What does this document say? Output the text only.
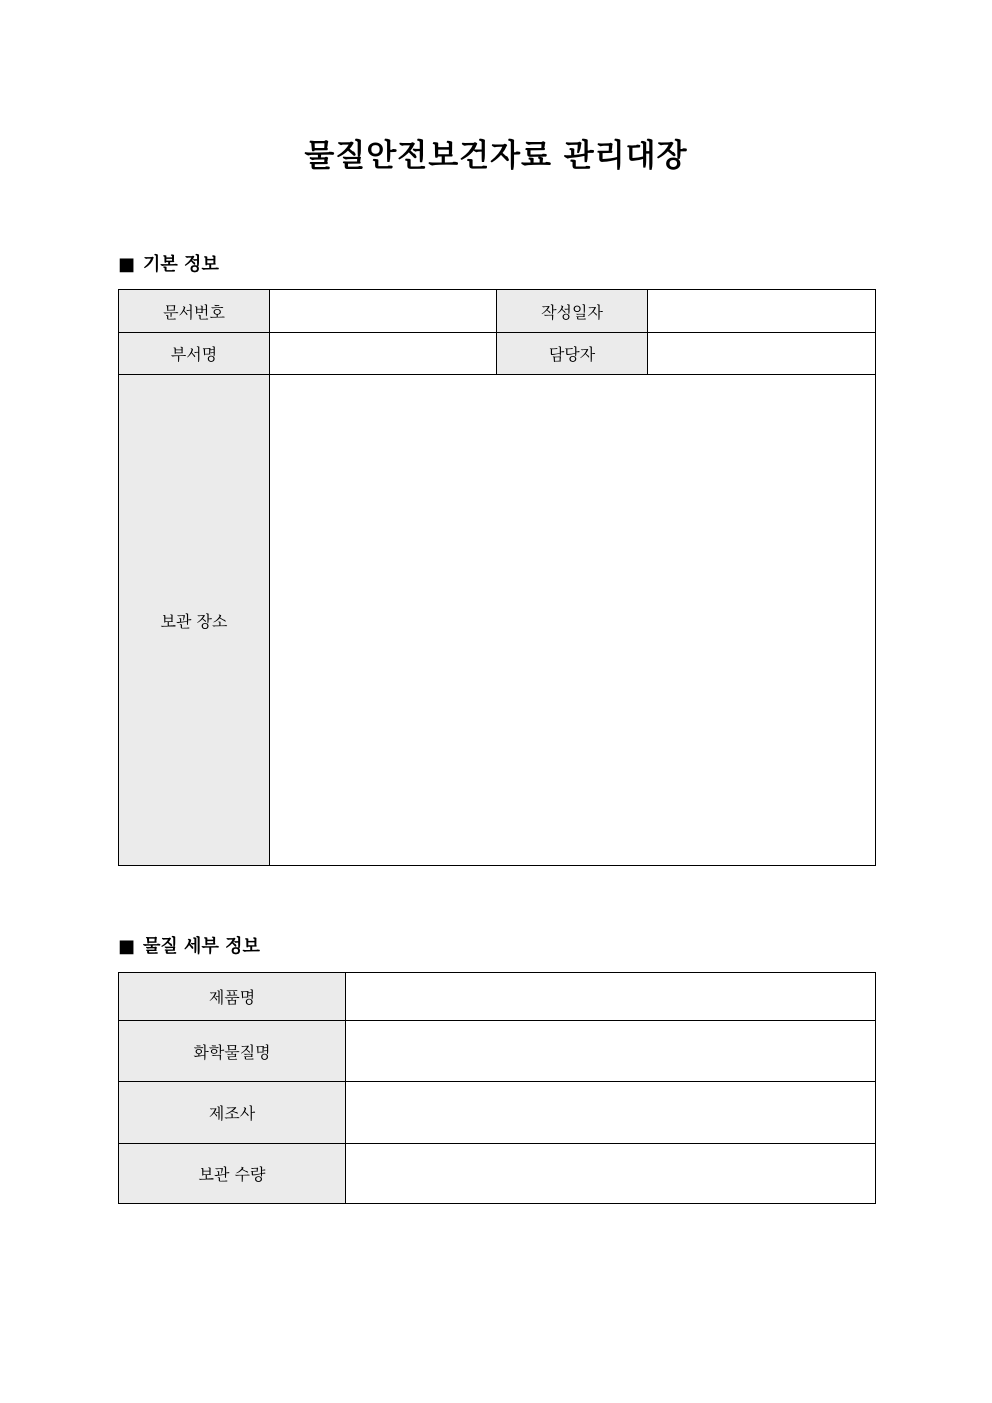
물질안전보건자료 관리대장
■ 기본 정보
문서번호		작성일자	
부서명		담당자	
보관 장소			
■ 물질 세부 정보
제품명	
화학물질명	
제조사	
보관 수량	
